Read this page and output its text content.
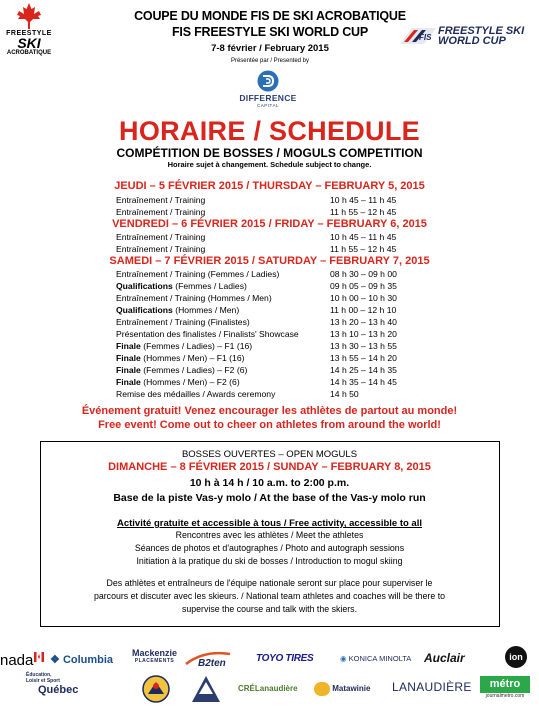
FREESTYLE
SKI
ACROBATIQUE
COUPE DU MONDE FIS DE SKI ACROBATIQUE
FIS FREESTYLE SKI WORLD CUP
7-8 février / February 2015
Présentée par / Presented by
FIS
FREESTYLE SKI
WORLD CUP
DIFFERENCE
CAPITAL
HORAIRE / SCHEDULE
COMPÉTITION DE BOSSES / MOGULS COMPETITION
Horaire sujet à changement. Schedule subject to change.
JEUDI – 5 FÉVRIER 2015 / THURSDAY – FEBRUARY 5, 2015
Entraînement / Training	10 h 45 – 11 h 45
Entraînement / Training	11 h 55 – 12 h 45
VENDREDI – 6 FÉVRIER 2015 / FRIDAY – FEBRUARY 6, 2015
Entraînement / Training	10 h 45 – 11 h 45
Entraînement / Training	11 h 55 – 12 h 45
SAMEDI – 7 FÉVRIER 2015 / SATURDAY – FEBRUARY 7, 2015
Entraînement / Training (Femmes / Ladies)	08 h 30 – 09 h 00
Qualifications (Femmes / Ladies)	09 h 05 – 09 h 35
Entraînement / Training (Hommes / Men)	10 h 00 – 10 h 30
Qualifications (Hommes / Men)	11 h 00 – 12 h 10
Entraînement / Training (Finalistes)	13 h 20 – 13 h 40
Présentation des finalistes / Finalists' Showcase	13 h 10 – 13 h 20
Finale (Femmes / Ladies) – F1 (16)	13 h 30 – 13 h 55
Finale (Hommes / Men) – F1 (16)	13 h 55 – 14 h 20
Finale (Femmes / Ladies) – F2 (6)	14 h 25 – 14 h 35
Finale (Hommes / Men) – F2 (6)	14 h 35 – 14 h 45
Remise des médailles / Awards ceremony	14 h 50
Événement gratuit! Venez encourager les athlètes de partout au monde!
Free event! Come out to cheer on athletes from around the world!
BOSSES OUVERTES – OPEN MOGULS
DIMANCHE – 8 FÉVRIER 2015 / SUNDAY – FEBRUARY 8, 2015
10 h à 14 h / 10 a.m. to 2:00 p.m.
Base de la piste Vas-y molo / At the base of the Vas-y molo run
Activité gratuite et accessible à tous / Free activity, accessible to all
Rencontres avec les athlètes / Meet the athletes
Séances de photos et d'autographes / Photo and autograph sessions
Initiation à la pratique du ski de bosses / Introduction to mogul skiing
Des athlètes et entraîneurs de l'équipe nationale seront sur place pour superviser le
parcours et discuter avec les skieurs. / National team athletes and coaches will be there to
supervise the course and talk with the skiers.
nada ❖ Columbia
Mackenzie
PLACEMENTS B2ten	TOYO TIRES	◉ KONICA MINOLTA Auclair	ion
Éducation,
Loisir et Sport
Québec	CRÉLanaudière	Matawinie LANAUDIÈRE	métro
journalmetro.com
